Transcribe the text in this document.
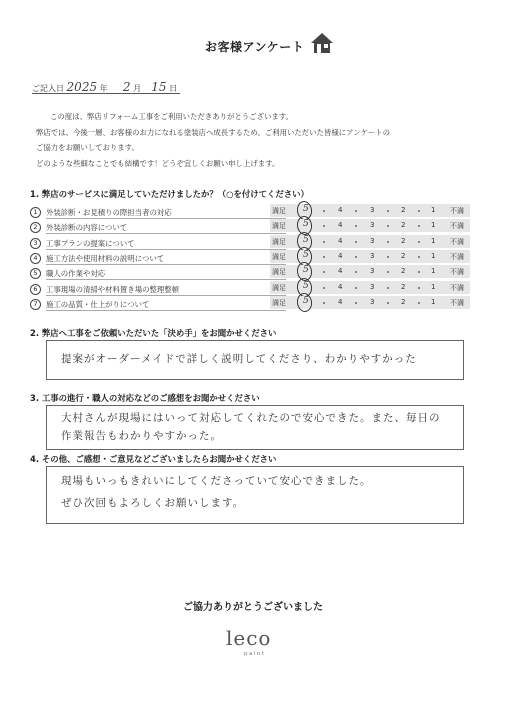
お客様アンケート
ご記入日 2025 年 2 月 15 日
この度は、弊店リフォーム工事をご利用いただきありがとうございます。
弊店では、今後一層、お客様のお力になれる塗装店へ成長するため、ご利用いただいた皆様にアンケートの
ご協力をお願いしております。
どのような些細なことでも結構です！どうぞ宜しくお願い申し上げます。
1. 弊店のサービスに満足していただけましたか？（○を付けてください）
1	外装診断・お見積りの際担当者の対応	満足 5	4	3	2	1 不満
2	外装診断の内容について	満足 5	4	3	2	1 不満
3	工事プランの提案について	満足 5	4	3	2	1 不満
4	施工方法や使用材料の説明について	満足 5	4	3	2	1 不満
5	職人の作業や対応	満足 5	4	3	2	1 不満
6	工事現場の清掃や材料置き場の整理整頓	満足 5	4	3	2	1 不満
7	施工の品質・仕上がりについて	満足 5	4	3	2	1 不満
2. 弊店へ工事をご依頼いただいた「決め手」をお聞かせください
提案がオーダーメイドで詳しく説明してくださり、わかりやすかった
3. 工事の進行・職人の対応などのご感想をお聞かせください
大村さんが現場にはいって対応してくれたので安心できた。また、毎日の
作業報告もわかりやすかった。
4. その他、ご感想・ご意見などございましたらお聞かせください
現場もいっもきれいにしてくださっていて安心できました。
ぜひ次回もよろしくお願いします。
ご協力ありがとうございました
leco
paint
